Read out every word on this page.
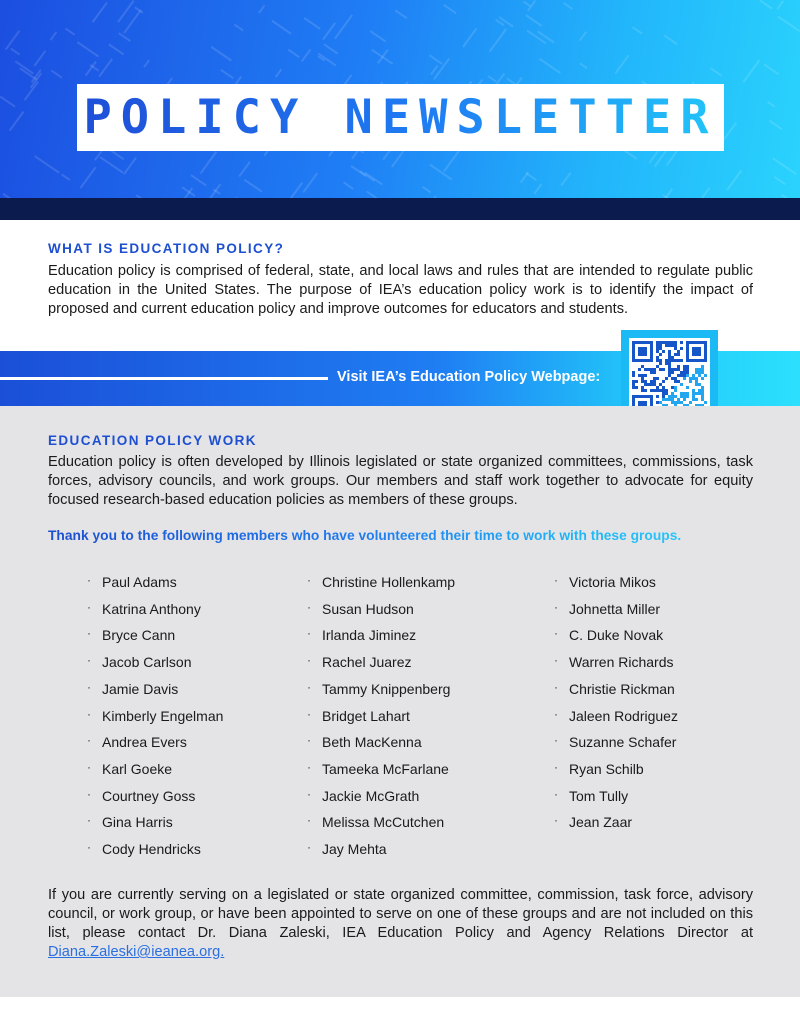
POLICY NEWSLETTER

WHAT IS EDUCATION POLICY?

Education policy is comprised of federal, state, and local laws and rules that are intended to regulate public education in the United States. The purpose of IEA’s education policy work is to identify the impact of proposed and current education policy and improve outcomes for educators and students.

Visit IEA’s Education Policy Webpage:

EDUCATION POLICY WORK

Education policy is often developed by Illinois legislated or state organized committees, commissions, task forces, advisory councils, and work groups. Our members and staff work together to advocate for equity focused research-based education policies as members of these groups.

Thank you to the following members who have volunteered their time to work with these groups.

· Paul Adams

· Katrina Anthony

· Bryce Cann

· Jacob Carlson

· Jamie Davis

· Kimberly Engelman

· Andrea Evers

· Karl Goeke

· Courtney Goss

· Gina Harris

· Cody Hendricks

· Christine Hollenkamp

· Susan Hudson

· Irlanda Jiminez

· Rachel Juarez

· Tammy Knippenberg

· Bridget Lahart

· Beth MacKenna

· Tameeka McFarlane

· Jackie McGrath

· Melissa McCutchen

· Jay Mehta

· Victoria Mikos

· Johnetta Miller

· C. Duke Novak

· Warren Richards

· Christie Rickman

· Jaleen Rodriguez

· Suzanne Schafer

· Ryan Schilb

· Tom Tully

· Jean Zaar

If you are currently serving on a legislated or state organized committee, commission, task force, advisory council, or work group, or have been appointed to serve on one of these groups and are not included on this list, please contact Dr. Diana Zaleski, IEA Education Policy and Agency Relations Director at Diana.Zaleski@ieanea.org.
